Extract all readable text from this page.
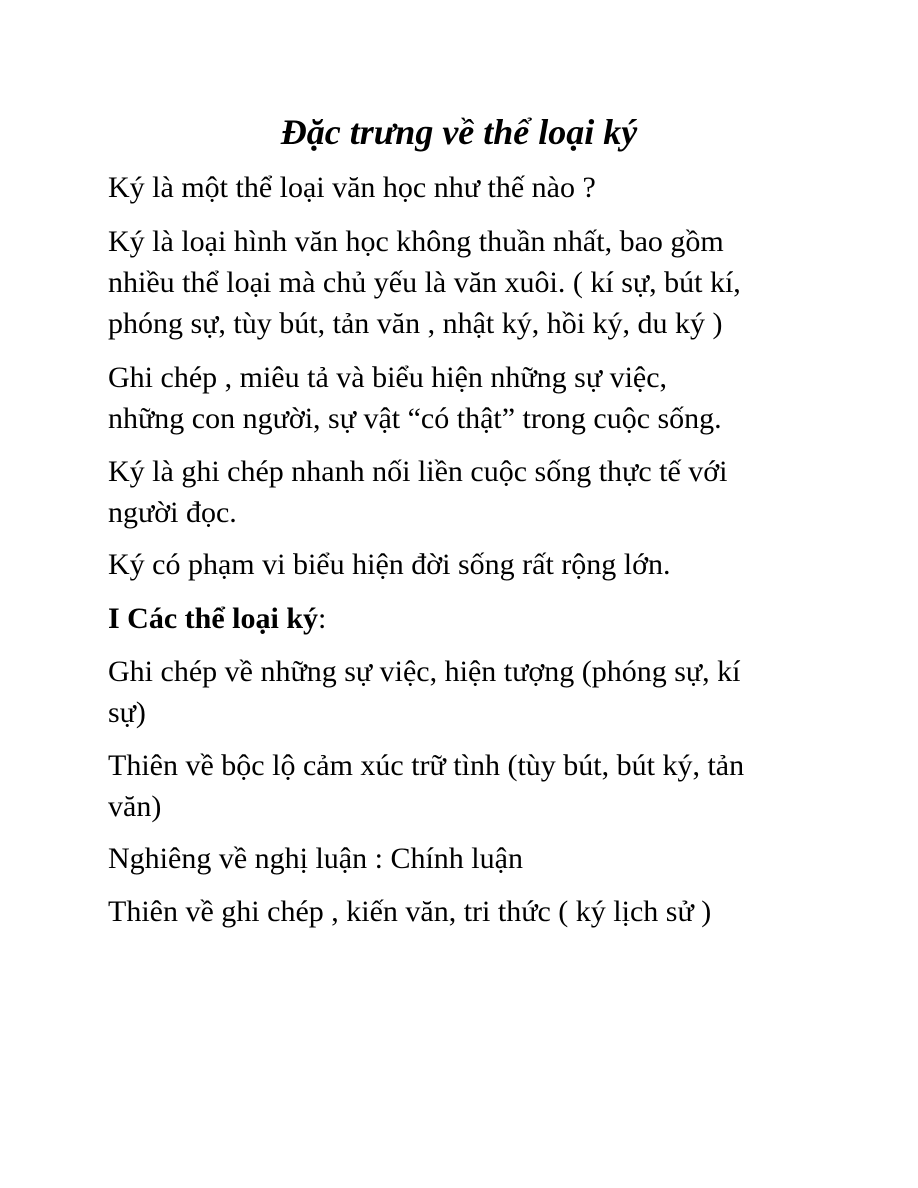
Đặc trưng về thể loại ký

Ký là một thể loại văn học như thế nào ?

Ký là loại hình văn học không thuần nhất, bao gồm
nhiều thể loại mà chủ yếu là văn xuôi. ( kí sự, bút kí,
phóng sự, tùy bút, tản văn , nhật ký, hồi ký, du ký )

Ghi chép , miêu tả và biểu hiện những sự việc,
những con người, sự vật “có thật” trong cuộc sống.

Ký là ghi chép nhanh nối liền cuộc sống thực tế với
người đọc.

Ký có phạm vi biểu hiện đời sống rất rộng lớn.

I Các thể loại ký:

Ghi chép về những sự việc, hiện tượng (phóng sự, kí
sự)

Thiên về bộc lộ cảm xúc trữ tình (tùy bút, bút ký, tản
văn)

Nghiêng về nghị luận : Chính luận

Thiên về ghi chép , kiến văn, tri thức ( ký lịch sử )
